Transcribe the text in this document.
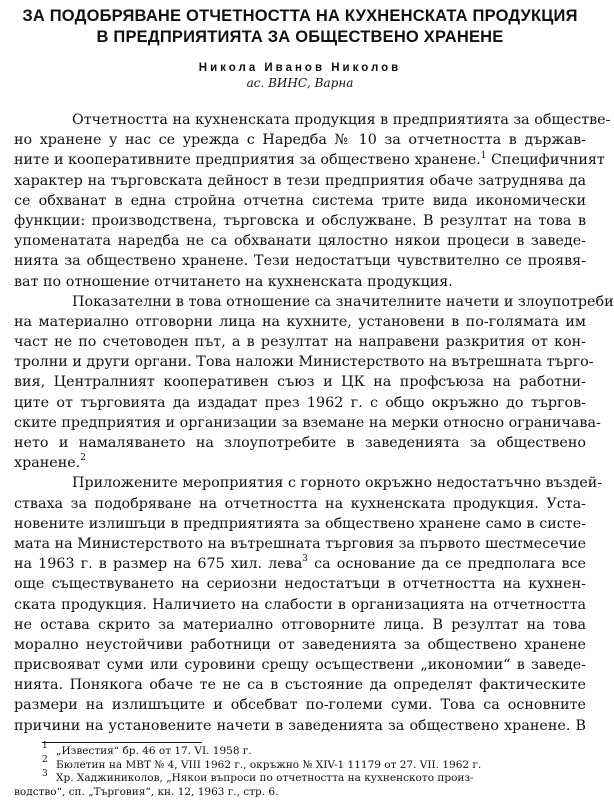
ЗА ПОДОБРЯВАНЕ ОТЧЕТНОСТТА НА КУХНЕНСКАТА ПРОДУКЦИЯ
В ПРЕДПРИЯТИЯТА ЗА ОБЩЕСТВЕНО ХРАНЕНЕ
Никола Иванов Николов
ас. ВИНС, Варна
Отчетността на кухненската продукция в предприятията за обществе-
но хранене у нас се урежда с Наредба № 10 за отчетността в държав-
ните и кооперативните предприятия за обществено хранене.$^1$ Специфичният
характер на търговската дейност в тези предприятия обаче затруднява да
се обхванат в една стройна отчетна система трите вида икономически
функции: производствена, търговска и обслужване. В резултат на това в
упоменатата наредба не са обхванати цялостно някои процеси в заведе-
нията за обществено хранене. Тези недостатъци чувствително се проявя-
ват по отношение отчитането на кухненската продукция.
Показателни в това отношение са значителните начети и злоупотреби
на материално отговорни лица на кухните, установени в по-голямата им
част не по счетоводен път, а в резултат на направени разкрития от кон-
тролни и други органи. Това наложи Министерството на вътрешната търго-
вия, Централният кооперативен съюз и ЦК на профсъюза на работни-
ците от търговията да издадат през 1962 г. с общо окръжно до търгов-
ските предприятия и организации за вземане на мерки относно ограничава-
нето и намаляването на злоупотребите в заведенията за обществено
хранене.$^2$
Приложените мероприятия с горното окръжно недостатъчно въздей-
стваха за подобряване на отчетността на кухненската продукция. Уста-
новените излишъци в предприятията за обществено хранене само в систе-
мата на Министерството на вътрешната търговия за първото шестмесечие
на 1963 г. в размер на 675 хил. лева$^3$ са основание да се предполага все
още съществуването на сериозни недостатъци в отчетността на кухнен-
ската продукция. Наличието на слабости в организацията на отчетността
не остава скрито за материално отговорните лица. В резултат на това
морално неустойчиви работници от заведенията за обществено хранене
присвояват суми или суровини срещу осъществени „икономии“ в заведе-
нията. Понякога обаче те не са в състояние да определят фактическите
размери на излишъците и обсебват по-големи суми. Това са основните
причини на установените начети в заведенията за обществено хранене. В
$^1$ „Известия“ бр. 46 от 17. VI. 1958 г.
$^2$ Бюлетин на МВТ № 4, VIII 1962 г., окръжно № XIV-1 11179 от 27. VII. 1962 г.
$^3$ Хр. Хаджиниколов, „Някои въпроси по отчетността на кухненското произ-
водство“, сп. „Търговия“, кн. 12, 1963 г., стр. 6.
